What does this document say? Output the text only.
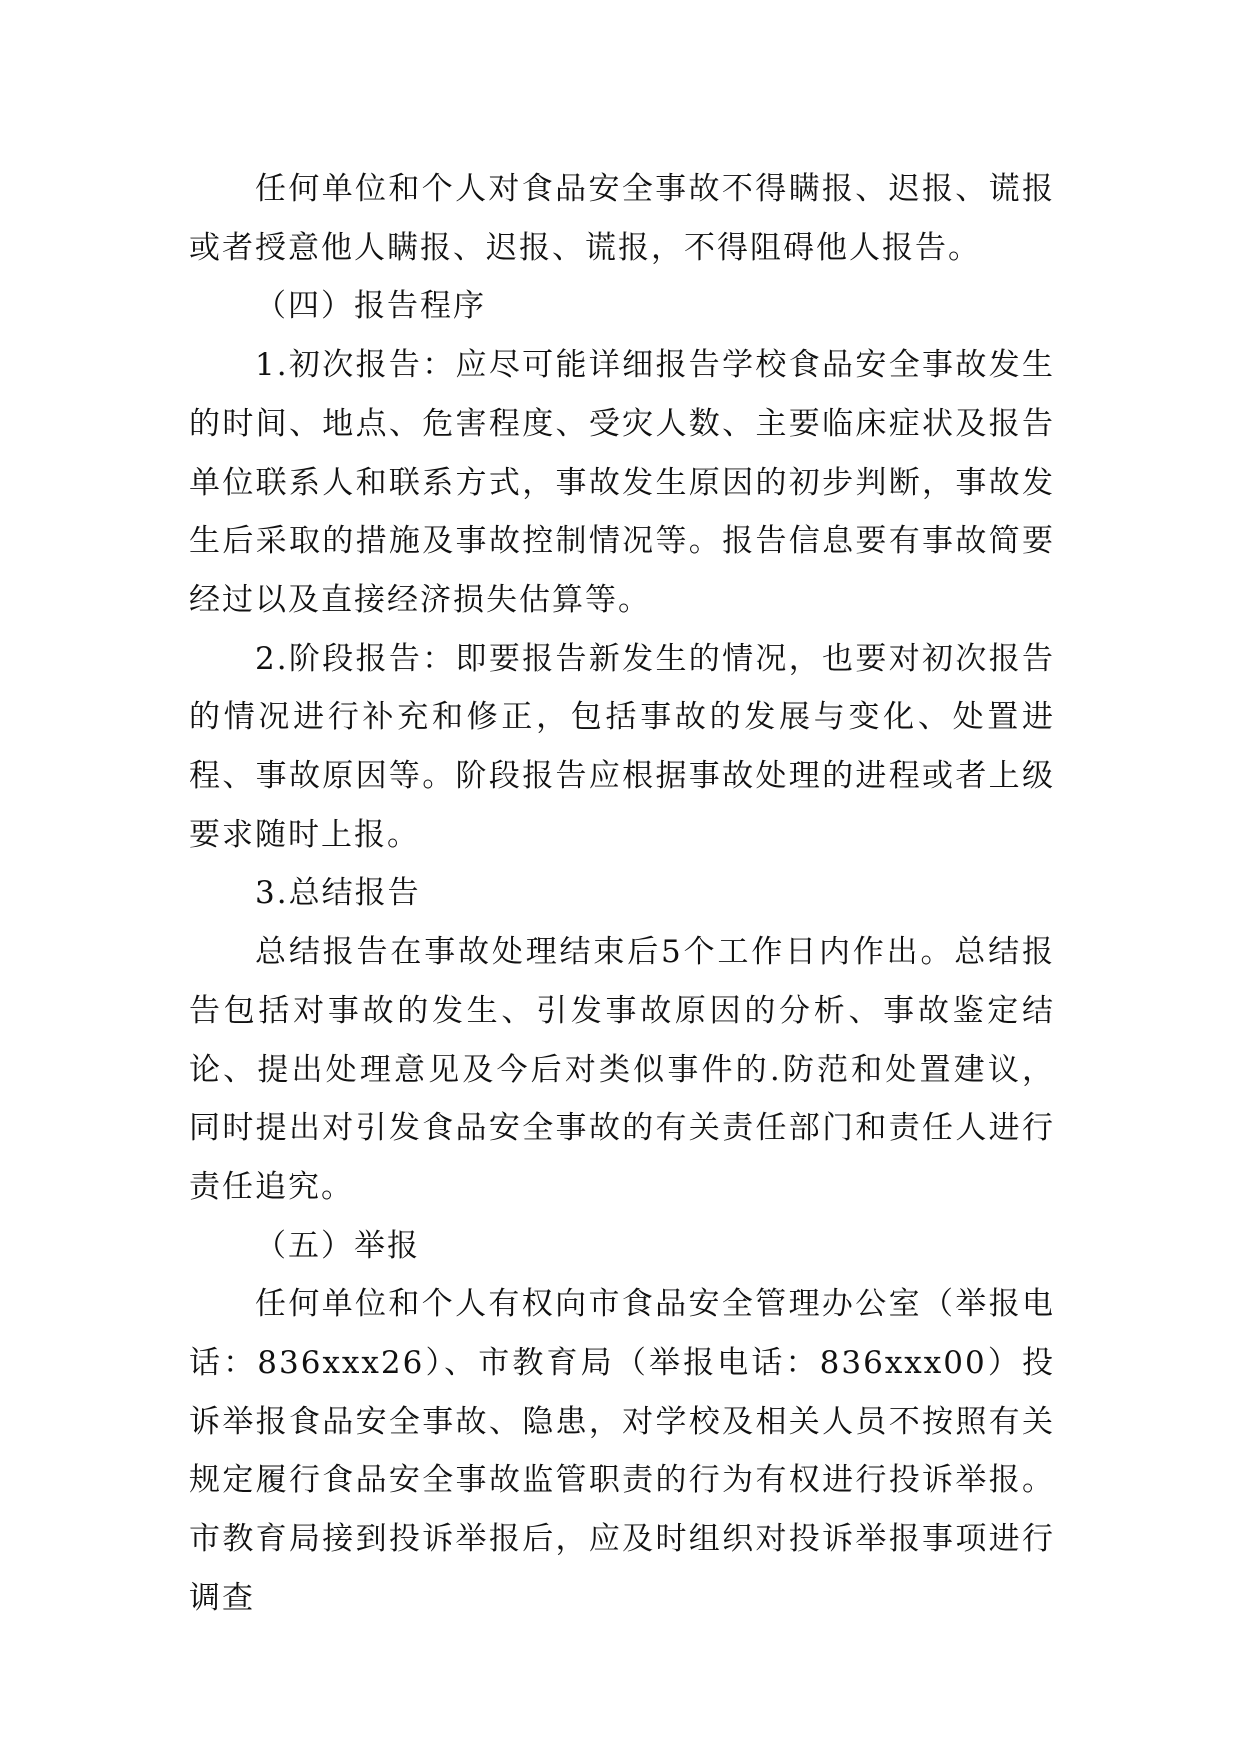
任何单位和个人对食品安全事故不得瞒报、迟报、谎报或者授意他人瞒报、迟报、谎报，不得阻碍他人报告。

（四）报告程序

1.初次报告：应尽可能详细报告学校食品安全事故发生的时间、地点、危害程度、受灾人数、主要临床症状及报告单位联系人和联系方式，事故发生原因的初步判断，事故发生后采取的措施及事故控制情况等。报告信息要有事故简要经过以及直接经济损失估算等。

2.阶段报告：即要报告新发生的情况，也要对初次报告的情况进行补充和修正，包括事故的发展与变化、处置进程、事故原因等。阶段报告应根据事故处理的进程或者上级要求随时上报。

3.总结报告

总结报告在事故处理结束后5个工作日内作出。总结报告包括对事故的发生、引发事故原因的分析、事故鉴定结论、提出处理意见及今后对类似事件的.防范和处置建议，同时提出对引发食品安全事故的有关责任部门和责任人进行责任追究。

（五）举报

任何单位和个人有权向市食品安全管理办公室（举报电话：836xxx26）、市教育局（举报电话：836xxx00）投诉举报食品安全事故、隐患，对学校及相关人员不按照有关规定履行食品安全事故监管职责的行为有权进行投诉举报。市教育局接到投诉举报后，应及时组织对投诉举报事项进行调查
